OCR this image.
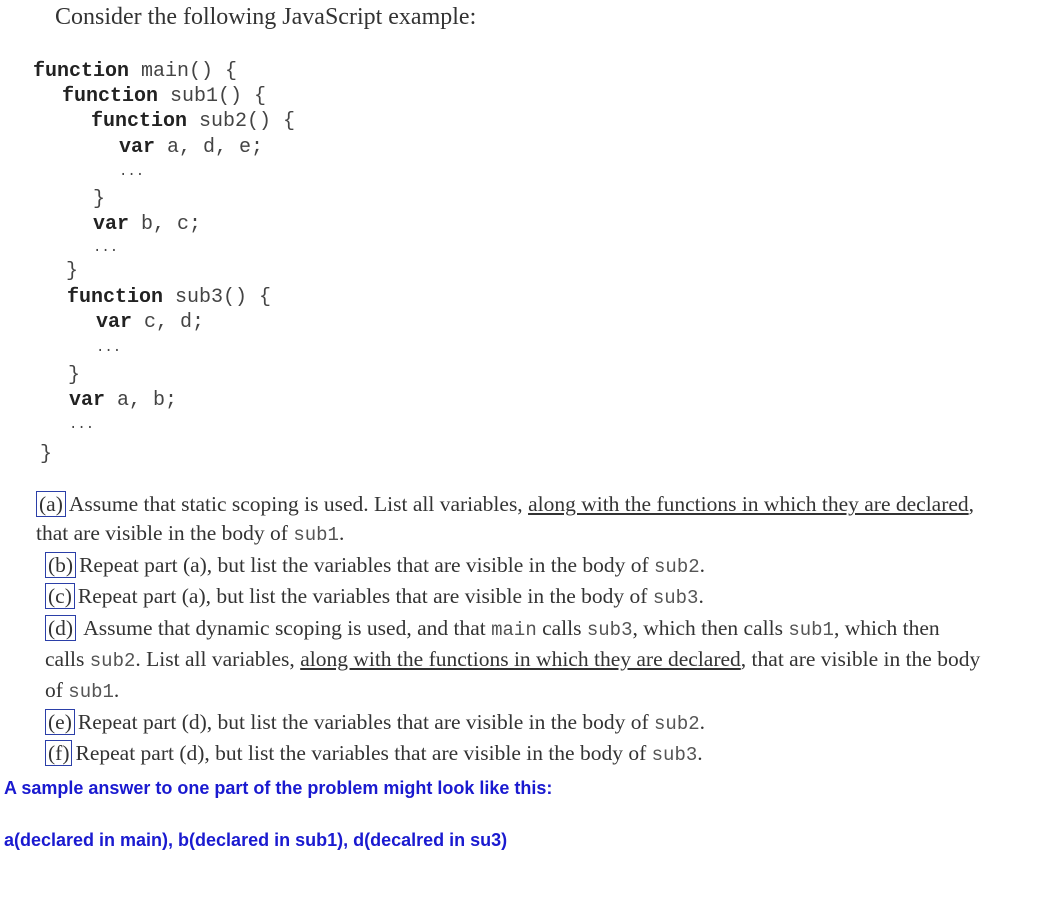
Consider the following JavaScript example:
function main() {
function sub1() {
function sub2() {
var a, d, e;
...
}
var b, c;
...
}
function sub3() {
var c, d;
...
}
var a, b;
...
}

(a) Assume that static scoping is used. List all variables, along with the functions in which they are declared, that are visible in the body of sub1.

(b) Repeat part (a), but list the variables that are visible in the body of sub2.

(c) Repeat part (a), but list the variables that are visible in the body of sub3.

(d) Assume that dynamic scoping is used, and that main calls sub3, which then calls sub1, which then calls sub2. List all variables, along with the functions in which they are declared, that are visible in the body of sub1.

(e) Repeat part (d), but list the variables that are visible in the body of sub2.

(f) Repeat part (d), but list the variables that are visible in the body of sub3.

A sample answer to one part of the problem might look like this:
a(declared in main), b(declared in sub1), d(decalred in su3)
